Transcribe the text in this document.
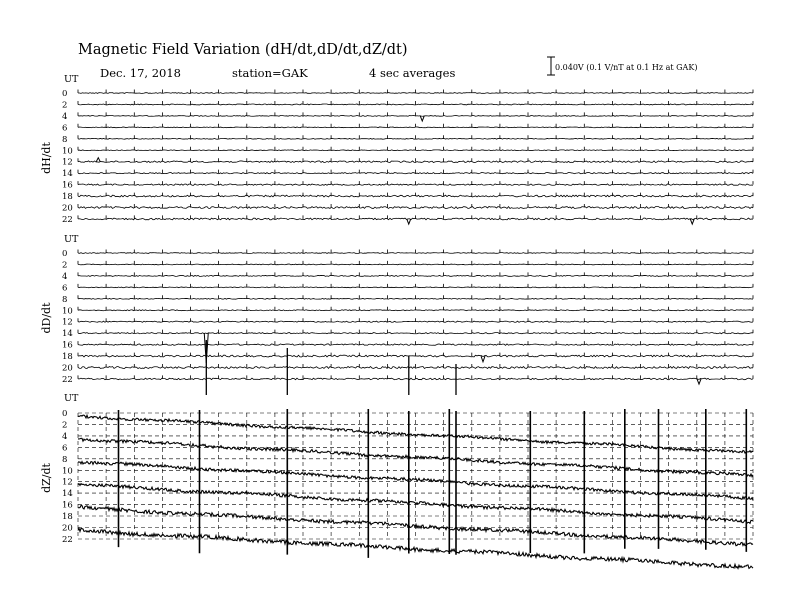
Magnetic Field Variation (dH/dt,dD/dt,dZ/dt)
Dec. 17, 2018	station=GAK	4 sec averages	0.040V (0.1 V/nT at 0.1 Hz at GAK)
UT
dH/dt
0
2
4
6
8
10
12
14
16
18
20
22
UT
dD/dt
0
2
4
6
8
10
12
14
16
18
20
22
UT
dZ/dt
0
2
4
6
8
10
12
14
16
18
20
22
